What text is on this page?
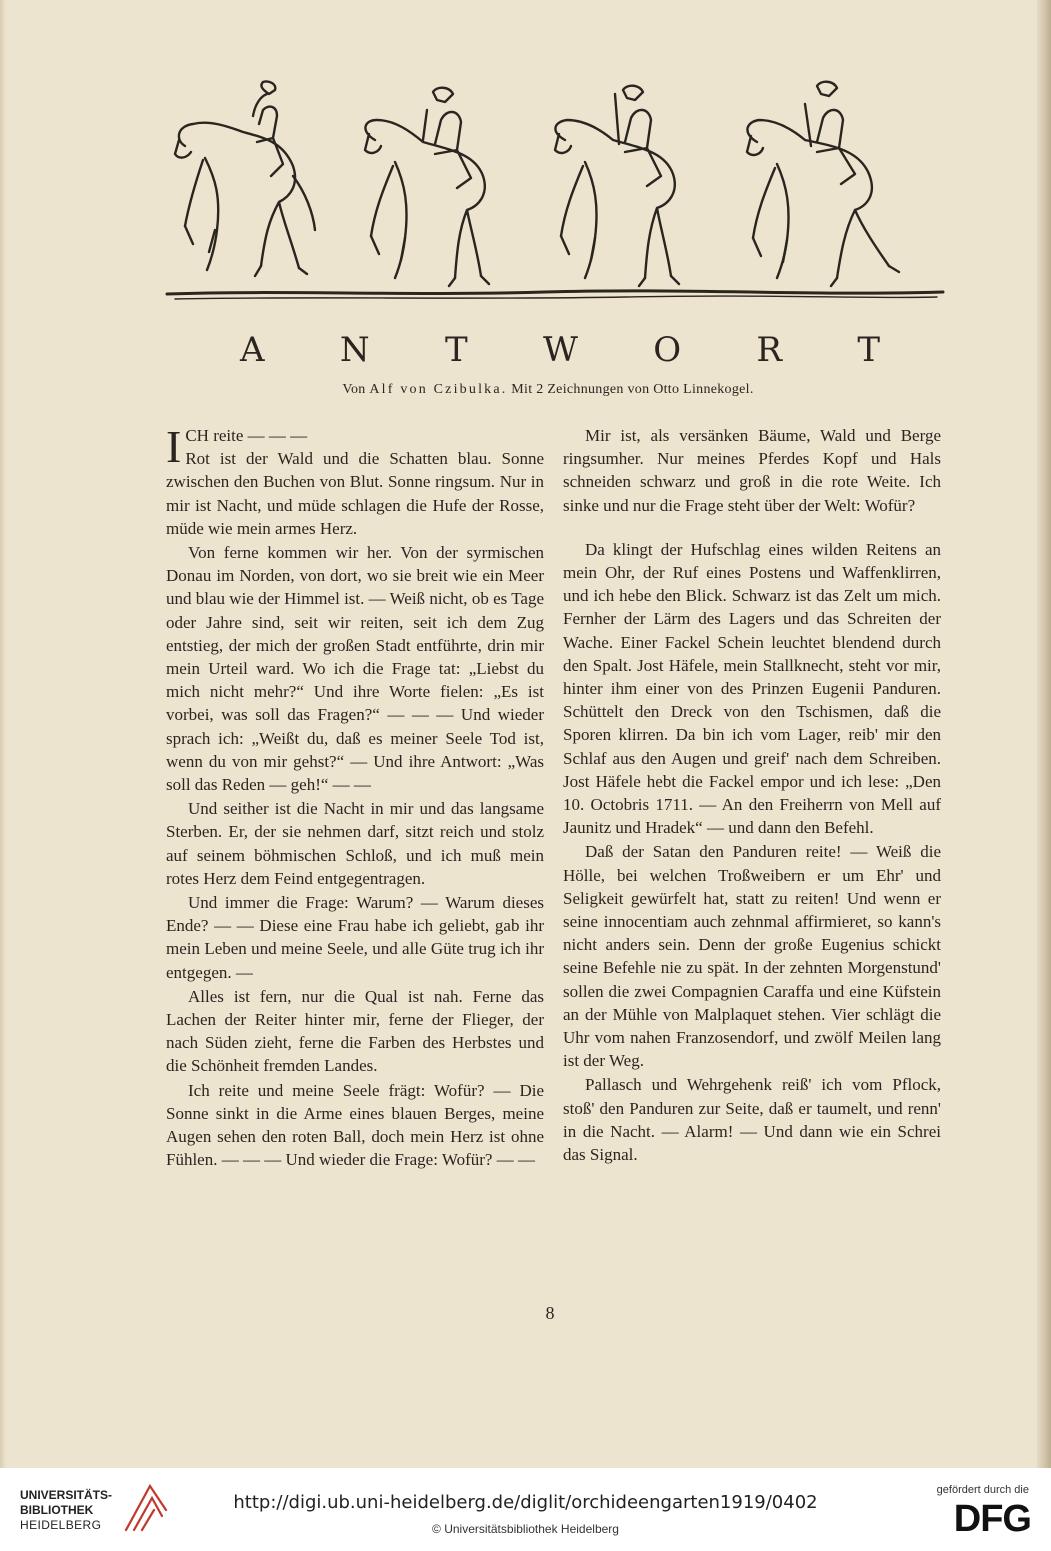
A N T W O R T
Von Alf von Czibulka. Mit 2 Zeichnungen von Otto Linnekogel.

ICH reite — — —
Rot ist der Wald und die Schatten blau. Sonne zwischen den Buchen von Blut. Sonne ringsum. Nur in mir ist Nacht, und müde schlagen die Hufe der Rosse, müde wie mein armes Herz.

Von ferne kommen wir her. Von der syrmischen Donau im Norden, von dort, wo sie breit wie ein Meer und blau wie der Himmel ist. — Weiß nicht, ob es Tage oder Jahre sind, seit wir reiten, seit ich dem Zug entstieg, der mich der großen Stadt entführte, drin mir mein Urteil ward. Wo ich die Frage tat: „Liebst du mich nicht mehr?“ Und ihre Worte fielen: „Es ist vorbei, was soll das Fragen?“ — — — Und wieder sprach ich: „Weißt du, daß es meiner Seele Tod ist, wenn du von mir gehst?“ — Und ihre Antwort: „Was soll das Reden — geh!“ — —

Und seither ist die Nacht in mir und das langsame Sterben. Er, der sie nehmen darf, sitzt reich und stolz auf seinem böhmischen Schloß, und ich muß mein rotes Herz dem Feind entgegentragen.

Und immer die Frage: Warum? — Warum dieses Ende? — — Diese eine Frau habe ich geliebt, gab ihr mein Leben und meine Seele, und alle Güte trug ich ihr entgegen. —

Alles ist fern, nur die Qual ist nah. Ferne das Lachen der Reiter hinter mir, ferne der Flieger, der nach Süden zieht, ferne die Farben des Herbstes und die Schönheit fremden Landes.

Ich reite und meine Seele frägt: Wofür? — Die Sonne sinkt in die Arme eines blauen Berges, meine Augen sehen den roten Ball, doch mein Herz ist ohne Fühlen. — — — Und wieder die Frage: Wofür? — —

Mir ist, als versänken Bäume, Wald und Berge ringsumher. Nur meines Pferdes Kopf und Hals schneiden schwarz und groß in die rote Weite. Ich sinke und nur die Frage steht über der Welt: Wofür?

Da klingt der Hufschlag eines wilden Reitens an mein Ohr, der Ruf eines Postens und Waffenklirren, und ich hebe den Blick. Schwarz ist das Zelt um mich. Fernher der Lärm des Lagers und das Schreiten der Wache. Einer Fackel Schein leuchtet blendend durch den Spalt. Jost Häfele, mein Stallknecht, steht vor mir, hinter ihm einer von des Prinzen Eugenii Panduren. Schüttelt den Dreck von den Tschismen, daß die Sporen klirren. Da bin ich vom Lager, reib' mir den Schlaf aus den Augen und greif' nach dem Schreiben. Jost Häfele hebt die Fackel empor und ich lese: „Den 10. Octobris 1711. — An den Freiherrn von Mell auf Jaunitz und Hradek“ — und dann den Befehl.

Daß der Satan den Panduren reite! — Weiß die Hölle, bei welchen Troßweibern er um Ehr' und Seligkeit gewürfelt hat, statt zu reiten! Und wenn er seine innocentiam auch zehnmal affirmieret, so kann's nicht anders sein. Denn der große Eugenius schickt seine Befehle nie zu spät. In der zehnten Morgenstund' sollen die zwei Compagnien Caraffa und eine Küfstein an der Mühle von Malplaquet stehen. Vier schlägt die Uhr vom nahen Franzosendorf, und zwölf Meilen lang ist der Weg.

Pallasch und Wehrgehenk reiß' ich vom Pflock, stoß' den Panduren zur Seite, daß er taumelt, und renn' in die Nacht. — Alarm! — Und dann wie ein Schrei das Signal.

8

UNIVERSITÄTS-

BIBLIOTHEK

HEIDELBERG

http://digi.ub.uni-heidelberg.de/diglit/orchideengarten1919/0402

© Universitätsbibliothek Heidelberg

gefördert durch die

DFG
